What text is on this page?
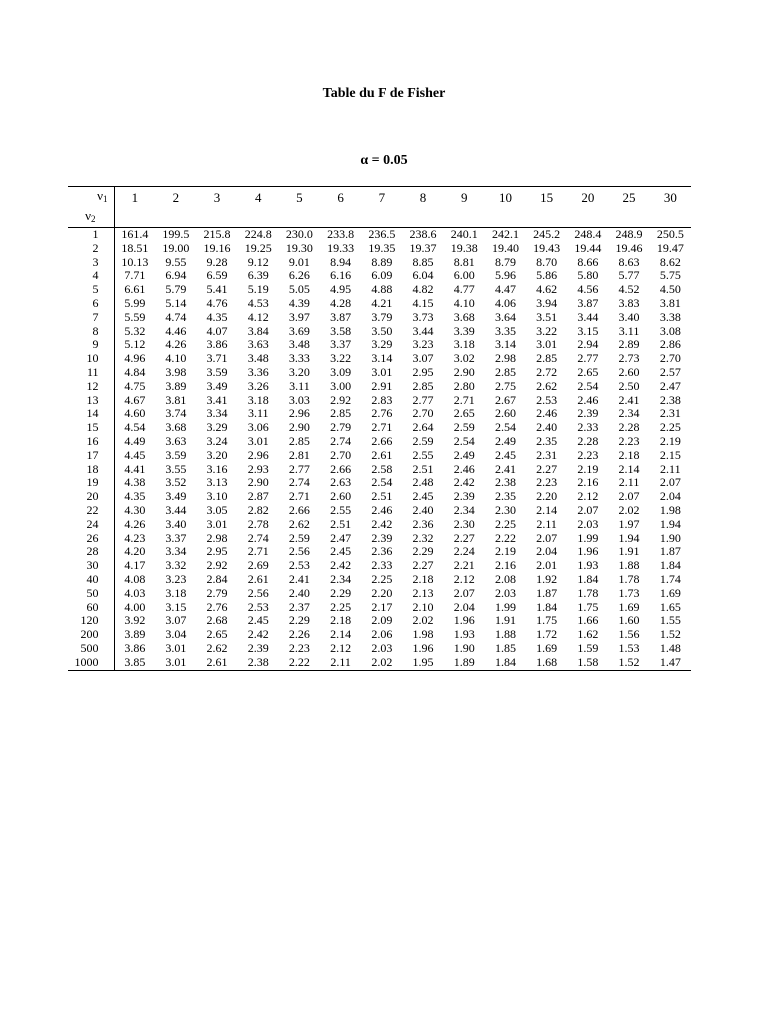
Table du F de Fisher
α = 0.05
$\nu_1$	1	2	3	4	5	6	7	8	9	10	15	20	25	30
$\nu_2$														
1	161.4	199.5	215.8	224.8	230.0	233.8	236.5	238.6	240.1	242.1	245.2	248.4	248.9	250.5
2	18.51	19.00	19.16	19.25	19.30	19.33	19.35	19.37	19.38	19.40	19.43	19.44	19.46	19.47
3	10.13	9.55	9.28	9.12	9.01	8.94	8.89	8.85	8.81	8.79	8.70	8.66	8.63	8.62
4	7.71	6.94	6.59	6.39	6.26	6.16	6.09	6.04	6.00	5.96	5.86	5.80	5.77	5.75
5	6.61	5.79	5.41	5.19	5.05	4.95	4.88	4.82	4.77	4.47	4.62	4.56	4.52	4.50
6	5.99	5.14	4.76	4.53	4.39	4.28	4.21	4.15	4.10	4.06	3.94	3.87	3.83	3.81
7	5.59	4.74	4.35	4.12	3.97	3.87	3.79	3.73	3.68	3.64	3.51	3.44	3.40	3.38
8	5.32	4.46	4.07	3.84	3.69	3.58	3.50	3.44	3.39	3.35	3.22	3.15	3.11	3.08
9	5.12	4.26	3.86	3.63	3.48	3.37	3.29	3.23	3.18	3.14	3.01	2.94	2.89	2.86
10	4.96	4.10	3.71	3.48	3.33	3.22	3.14	3.07	3.02	2.98	2.85	2.77	2.73	2.70
11	4.84	3.98	3.59	3.36	3.20	3.09	3.01	2.95	2.90	2.85	2.72	2.65	2.60	2.57
12	4.75	3.89	3.49	3.26	3.11	3.00	2.91	2.85	2.80	2.75	2.62	2.54	2.50	2.47
13	4.67	3.81	3.41	3.18	3.03	2.92	2.83	2.77	2.71	2.67	2.53	2.46	2.41	2.38
14	4.60	3.74	3.34	3.11	2.96	2.85	2.76	2.70	2.65	2.60	2.46	2.39	2.34	2.31
15	4.54	3.68	3.29	3.06	2.90	2.79	2.71	2.64	2.59	2.54	2.40	2.33	2.28	2.25
16	4.49	3.63	3.24	3.01	2.85	2.74	2.66	2.59	2.54	2.49	2.35	2.28	2.23	2.19
17	4.45	3.59	3.20	2.96	2.81	2.70	2.61	2.55	2.49	2.45	2.31	2.23	2.18	2.15
18	4.41	3.55	3.16	2.93	2.77	2.66	2.58	2.51	2.46	2.41	2.27	2.19	2.14	2.11
19	4.38	3.52	3.13	2.90	2.74	2.63	2.54	2.48	2.42	2.38	2.23	2.16	2.11	2.07
20	4.35	3.49	3.10	2.87	2.71	2.60	2.51	2.45	2.39	2.35	2.20	2.12	2.07	2.04
22	4.30	3.44	3.05	2.82	2.66	2.55	2.46	2.40	2.34	2.30	2.14	2.07	2.02	1.98
24	4.26	3.40	3.01	2.78	2.62	2.51	2.42	2.36	2.30	2.25	2.11	2.03	1.97	1.94
26	4.23	3.37	2.98	2.74	2.59	2.47	2.39	2.32	2.27	2.22	2.07	1.99	1.94	1.90
28	4.20	3.34	2.95	2.71	2.56	2.45	2.36	2.29	2.24	2.19	2.04	1.96	1.91	1.87
30	4.17	3.32	2.92	2.69	2.53	2.42	2.33	2.27	2.21	2.16	2.01	1.93	1.88	1.84
40	4.08	3.23	2.84	2.61	2.41	2.34	2.25	2.18	2.12	2.08	1.92	1.84	1.78	1.74
50	4.03	3.18	2.79	2.56	2.40	2.29	2.20	2.13	2.07	2.03	1.87	1.78	1.73	1.69
60	4.00	3.15	2.76	2.53	2.37	2.25	2.17	2.10	2.04	1.99	1.84	1.75	1.69	1.65
120	3.92	3.07	2.68	2.45	2.29	2.18	2.09	2.02	1.96	1.91	1.75	1.66	1.60	1.55
200	3.89	3.04	2.65	2.42	2.26	2.14	2.06	1.98	1.93	1.88	1.72	1.62	1.56	1.52
500	3.86	3.01	2.62	2.39	2.23	2.12	2.03	1.96	1.90	1.85	1.69	1.59	1.53	1.48
1000	3.85	3.01	2.61	2.38	2.22	2.11	2.02	1.95	1.89	1.84	1.68	1.58	1.52	1.47
